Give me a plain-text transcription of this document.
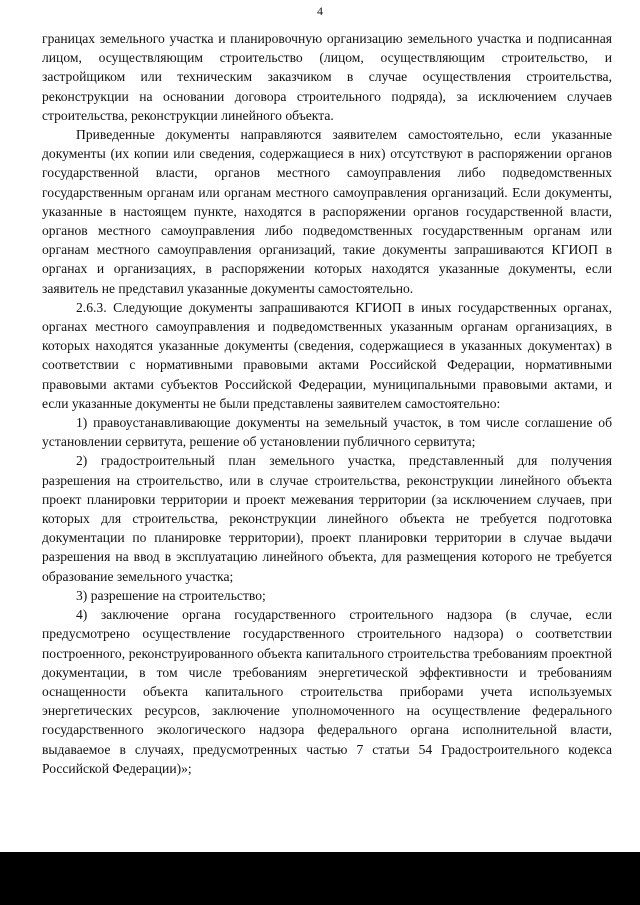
4

границах земельного участка и планировочную организацию земельного участка и подписанная лицом, осуществляющим строительство (лицом, осуществляющим строительство, и застройщиком или техническим заказчиком в случае осуществления строительства, реконструкции на основании договора строительного подряда), за исключением случаев строительства, реконструкции линейного объекта.

Приведенные документы направляются заявителем самостоятельно, если указанные документы (их копии или сведения, содержащиеся в них) отсутствуют в распоряжении органов государственной власти, органов местного самоуправления либо подведомственных государственным органам или органам местного самоуправления организаций. Если документы, указанные в настоящем пункте, находятся в распоряжении органов государственной власти, органов местного самоуправления либо подведомственных государственным органам или органам местного самоуправления организаций, такие документы запрашиваются КГИОП в органах и организациях, в распоряжении которых находятся указанные документы, если заявитель не представил указанные документы самостоятельно.

2.6.3. Следующие документы запрашиваются КГИОП в иных государственных органах, органах местного самоуправления и подведомственных указанным органам организациях, в которых находятся указанные документы (сведения, содержащиеся в указанных документах) в соответствии с нормативными правовыми актами Российской Федерации, нормативными правовыми актами субъектов Российской Федерации, муниципальными правовыми актами, и если указанные документы не были представлены заявителем самостоятельно:

1) правоустанавливающие документы на земельный участок, в том числе соглашение об установлении сервитута, решение об установлении публичного сервитута;

2) градостроительный план земельного участка, представленный для получения разрешения на строительство, или в случае строительства, реконструкции линейного объекта проект планировки территории и проект межевания территории (за исключением случаев, при которых для строительства, реконструкции линейного объекта не требуется подготовка документации по планировке территории), проект планировки территории в случае выдачи разрешения на ввод в эксплуатацию линейного объекта, для размещения которого не требуется образование земельного участка;

3) разрешение на строительство;

4) заключение органа государственного строительного надзора (в случае, если предусмотрено осуществление государственного строительного надзора) о соответствии построенного, реконструированного объекта капитального строительства требованиям проектной документации, в том числе требованиям энергетической эффективности и требованиям оснащенности объекта капитального строительства приборами учета используемых энергетических ресурсов, заключение уполномоченного на осуществление федерального государственного экологического надзора федерального органа исполнительной власти, выдаваемое в случаях, предусмотренных частью 7 статьи 54 Градостроительного кодекса Российской Федерации)»;
